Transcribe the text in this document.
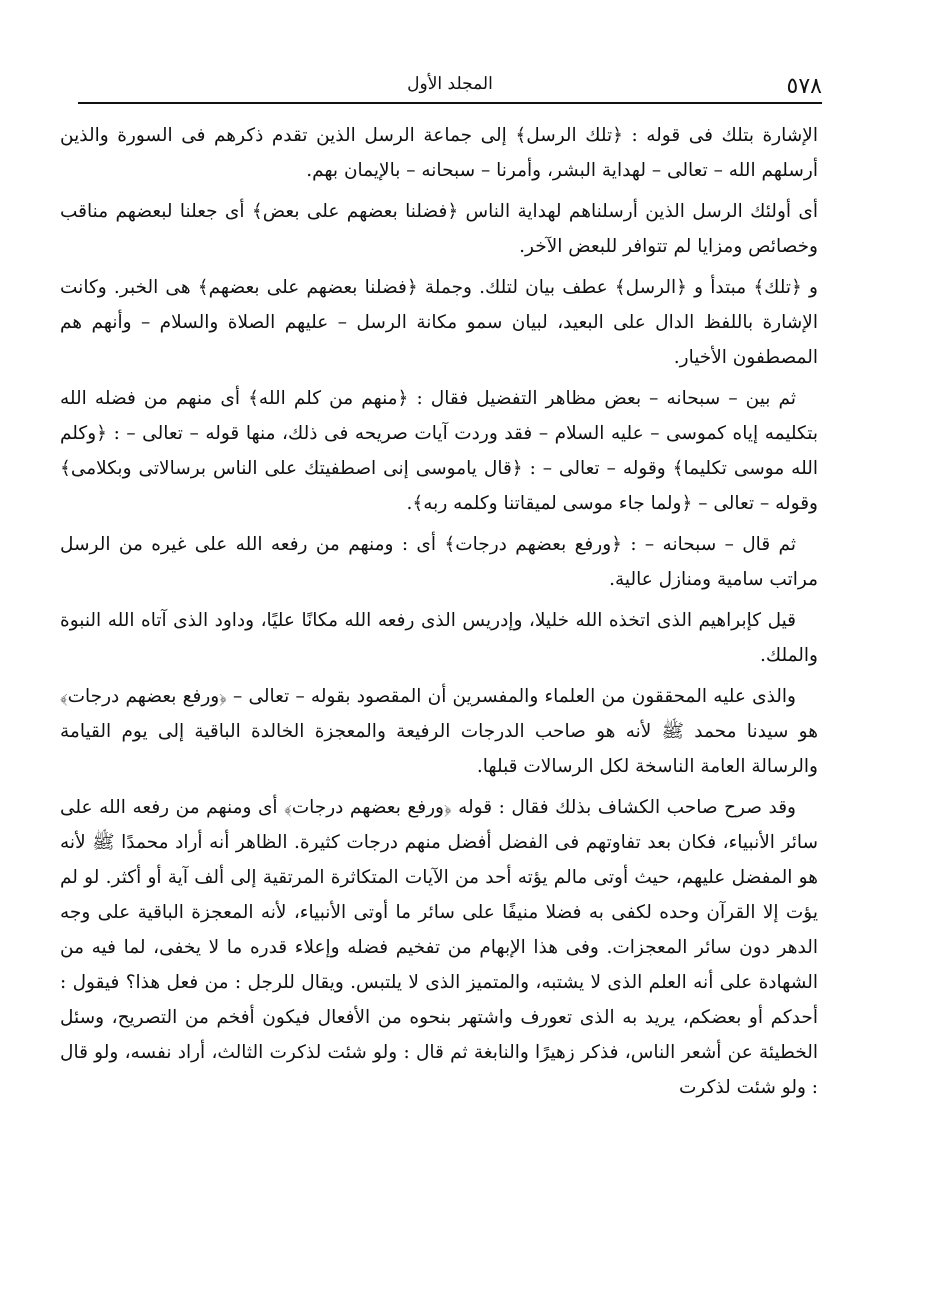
٥٧٨
المجلد الأول

الإشارة بتلك فى قوله : ﴿تلك الرسل﴾ إلى جماعة الرسل الذين تقدم ذكرهم فى السورة والذين أرسلهم الله – تعالى – لهداية البشر، وأمرنا – سبحانه – بالإيمان بهم.

أى أولئك الرسل الذين أرسلناهم لهداية الناس ﴿فضلنا بعضهم على بعض﴾ أى جعلنا لبعضهم مناقب وخصائص ومزايا لم تتوافر للبعض الآخر.

و ﴿تلك﴾ مبتدأ و ﴿الرسل﴾ عطف بيان لتلك. وجملة ﴿فضلنا بعضهم على بعضهم﴾ هى الخبر. وكانت الإشارة باللفظ الدال على البعيد، لبيان سمو مكانة الرسل – عليهم الصلاة والسلام – وأنهم هم المصطفون الأخيار.

ثم بين – سبحانه – بعض مظاهر التفضيل فقال : ﴿منهم من كلم الله﴾ أى منهم من فضله الله بتكليمه إياه كموسى – عليه السلام – فقد وردت آيات صريحه فى ذلك، منها قوله – تعالى – : ﴿وكلم الله موسى تكليما﴾ وقوله – تعالى – : ﴿قال ياموسى إنى اصطفيتك على الناس برسالاتى وبكلامى﴾ وقوله – تعالى – ﴿ولما جاء موسى لميقاتنا وكلمه ربه﴾.

ثم قال – سبحانه – : ﴿ورفع بعضهم درجات﴾ أى : ومنهم من رفعه الله على غيره من الرسل مراتب سامية ومنازل عالية.

قيل كإبراهيم الذى اتخذه الله خليلا، وإدريس الذى رفعه الله مكانًا عليًا، وداود الذى آتاه الله النبوة والملك.

والذى عليه المحققون من العلماء والمفسرين أن المقصود بقوله – تعالى – ﴿ورفع بعضهم درجات﴾ هو سيدنا محمد ﷺ لأنه هو صاحب الدرجات الرفيعة والمعجزة الخالدة الباقية إلى يوم القيامة والرسالة العامة الناسخة لكل الرسالات قبلها.

وقد صرح صاحب الكشاف بذلك فقال : قوله ﴿ورفع بعضهم درجات﴾ أى ومنهم من رفعه الله على سائر الأنبياء، فكان بعد تفاوتهم فى الفضل أفضل منهم درجات كثيرة. الظاهر أنه أراد محمدًا ﷺ لأنه هو المفضل عليهم، حيث أوتى مالم يؤته أحد من الآيات المتكاثرة المرتقية إلى ألف آية أو أكثر. لو لم يؤت إلا القرآن وحده لكفى به فضلا منيفًا على سائر ما أوتى الأنبياء، لأنه المعجزة الباقية على وجه الدهر دون سائر المعجزات. وفى هذا الإبهام من تفخيم فضله وإعلاء قدره ما لا يخفى، لما فيه من الشهادة على أنه العلم الذى لا يشتبه، والمتميز الذى لا يلتبس. ويقال للرجل : من فعل هذا؟ فيقول : أحدكم أو بعضكم، يريد به الذى تعورف واشتهر بنحوه من الأفعال فيكون أفخم من التصريح، وسئل الخطيئة عن أشعر الناس، فذكر زهيرًا والنابغة ثم قال : ولو شئت لذكرت الثالث، أراد نفسه، ولو قال : ولو شئت لذكرت
